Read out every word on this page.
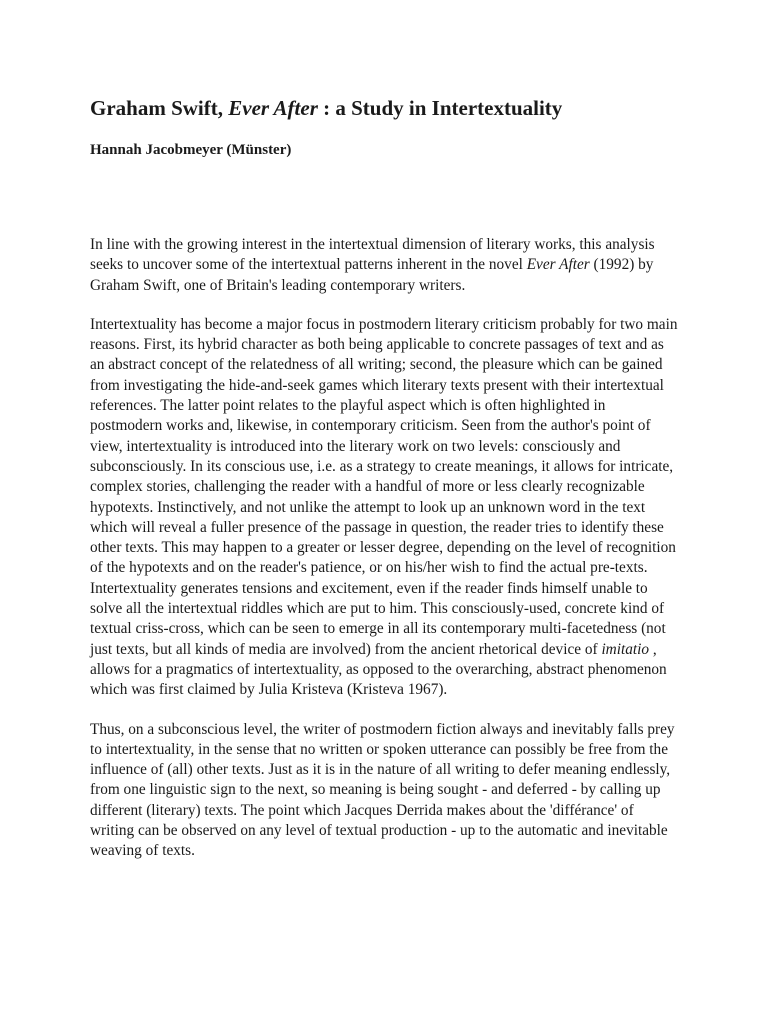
Graham Swift, Ever After : a Study in Intertextuality

Hannah Jacobmeyer (Münster)

In line with the growing interest in the intertextual dimension of literary works, this analysis seeks to uncover some of the intertextual patterns inherent in the novel Ever After (1992) by Graham Swift, one of Britain's leading contemporary writers.

Intertextuality has become a major focus in postmodern literary criticism probably for two main reasons. First, its hybrid character as both being applicable to concrete passages of text and as an abstract concept of the relatedness of all writing; second, the pleasure which can be gained from investigating the hide-and-seek games which literary texts present with their intertextual references. The latter point relates to the playful aspect which is often highlighted in postmodern works and, likewise, in contemporary criticism. Seen from the author's point of view, intertextuality is introduced into the literary work on two levels: consciously and subconsciously. In its conscious use, i.e. as a strategy to create meanings, it allows for intricate, complex stories, challenging the reader with a handful of more or less clearly recognizable hypotexts. Instinctively, and not unlike the attempt to look up an unknown word in the text which will reveal a fuller presence of the passage in question, the reader tries to identify these other texts. This may happen to a greater or lesser degree, depending on the level of recognition of the hypotexts and on the reader's patience, or on his/her wish to find the actual pre-texts. Intertextuality generates tensions and excitement, even if the reader finds himself unable to solve all the intertextual riddles which are put to him. This consciously-used, concrete kind of textual criss-cross, which can be seen to emerge in all its contemporary multi-facetedness (not just texts, but all kinds of media are involved) from the ancient rhetorical device of imitatio , allows for a pragmatics of intertextuality, as opposed to the overarching, abstract phenomenon which was first claimed by Julia Kristeva (Kristeva 1967).

Thus, on a subconscious level, the writer of postmodern fiction always and inevitably falls prey to intertextuality, in the sense that no written or spoken utterance can possibly be free from the influence of (all) other texts. Just as it is in the nature of all writing to defer meaning endlessly, from one linguistic sign to the next, so meaning is being sought - and deferred - by calling up different (literary) texts. The point which Jacques Derrida makes about the 'différance' of writing can be observed on any level of textual production - up to the automatic and inevitable weaving of texts.
